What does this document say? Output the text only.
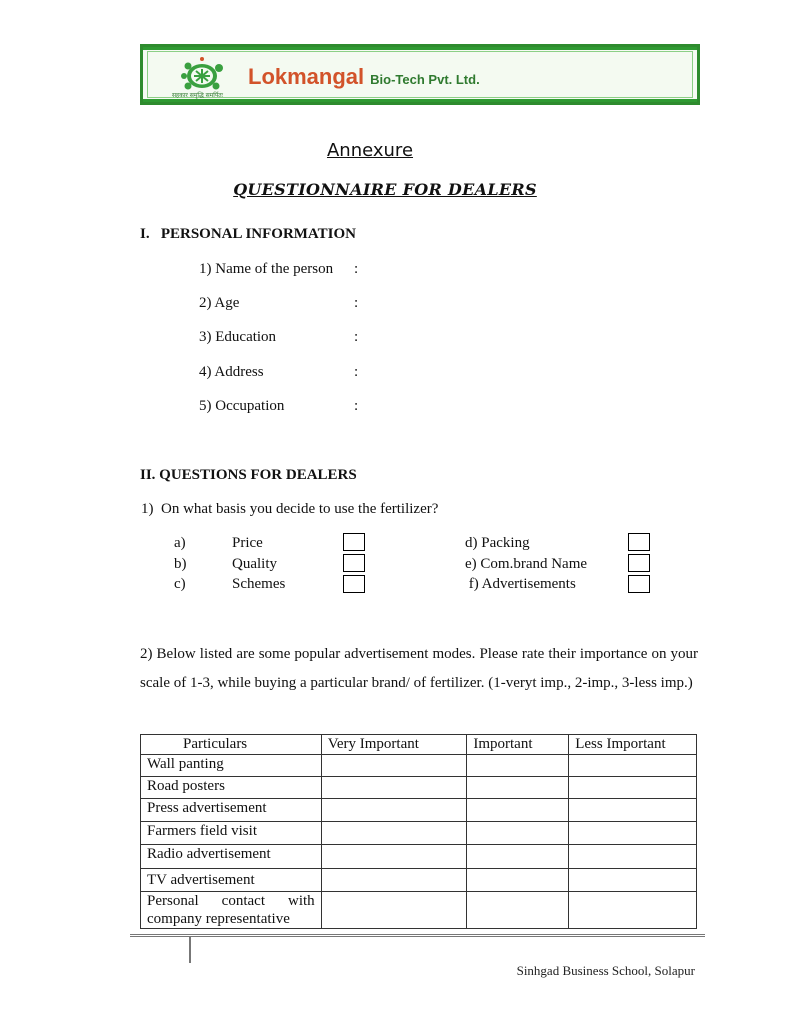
सहकार समृद्धि समर्पितः
Lokmangal Bio-Tech Pvt. Ltd.
Annexure
QUESTIONNAIRE FOR DEALERS
I.   PERSONAL INFORMATION
1) Name of the person :
2) Age	:
3) Education	:
4) Address	:
5) Occupation	:
II. QUESTIONS FOR DEALERS
1)  On what basis you decide to use the fertilizer?
a)	Price
b)	Quality
c)	Schemes
d) Packing
e) Com.brand Name
f) Advertisements
2) Below listed are some popular advertisement modes. Please rate their importance on your scale of 1-3, while buying a particular brand/ of fertilizer. (1-veryt imp., 2-imp., 3-less imp.)
Particulars	Very Important	Important	Less Important
Wall panting			
Road posters			
Press advertisement			
Farmers field visit			
Radio advertisement			
TV advertisement			
Personal contact with company representative			
Sinhgad Business School, Solapur
